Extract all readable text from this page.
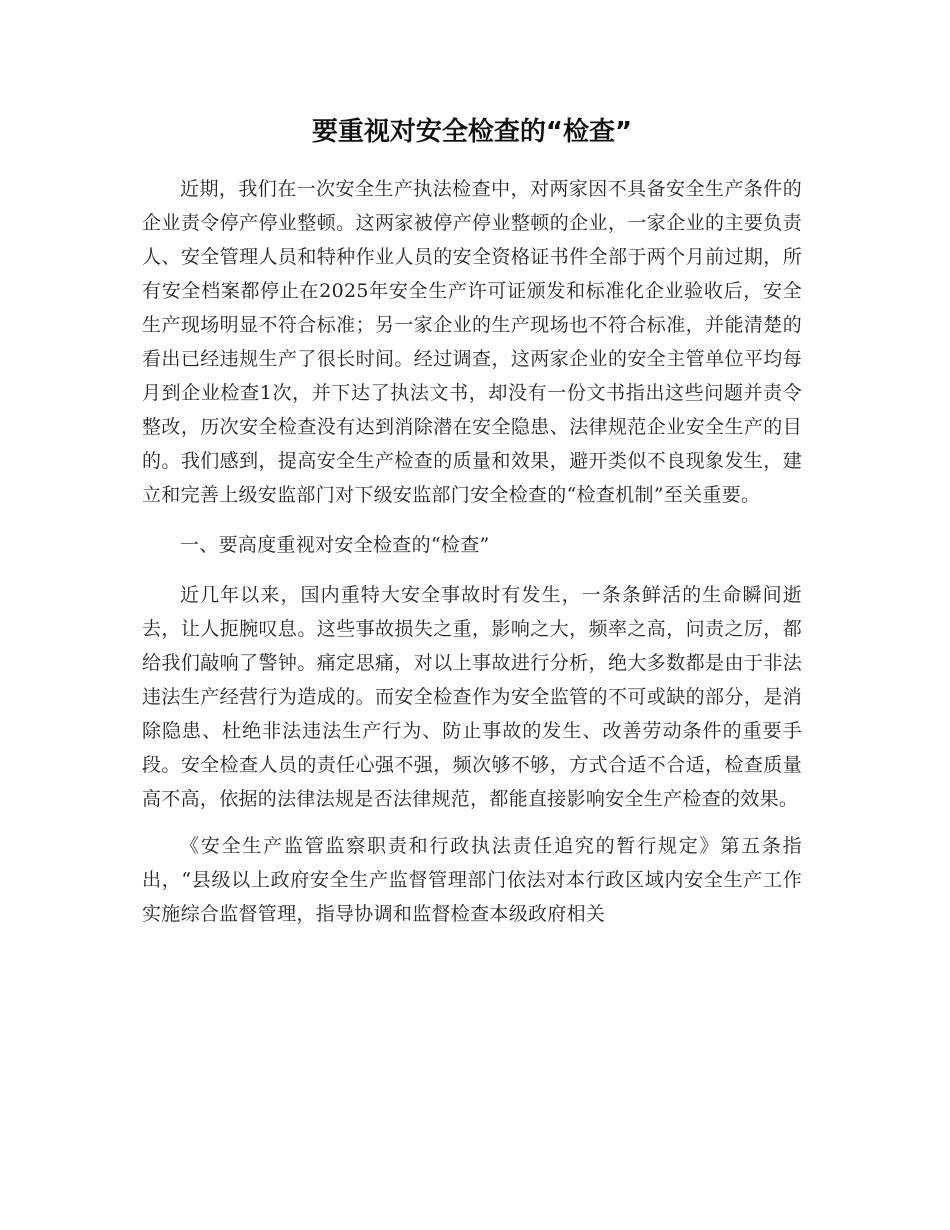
要重视对安全检查的“检查”

近期，我们在一次安全生产执法检查中，对两家因不具备安全生产条件的企业责令停产停业整顿。这两家被停产停业整顿的企业，一家企业的主要负责人、安全管理人员和特种作业人员的安全资格证书件全部于两个月前过期，所有安全档案都停止在2025年安全生产许可证颁发和标准化企业验收后，安全生产现场明显不符合标准；另一家企业的生产现场也不符合标准，并能清楚的看出已经违规生产了很长时间。经过调查，这两家企业的安全主管单位平均每月到企业检查1次，并下达了执法文书，却没有一份文书指出这些问题并责令整改，历次安全检查没有达到消除潜在安全隐患、法律规范企业安全生产的目的。我们感到，提高安全生产检查的质量和效果，避开类似不良现象发生，建立和完善上级安监部门对下级安监部门安全检查的“检查机制”至关重要。

一、要高度重视对安全检查的“检查”

近几年以来，国内重特大安全事故时有发生，一条条鲜活的生命瞬间逝去，让人扼腕叹息。这些事故损失之重，影响之大，频率之高，问责之厉，都给我们敲响了警钟。痛定思痛，对以上事故进行分析，绝大多数都是由于非法违法生产经营行为造成的。而安全检查作为安全监管的不可或缺的部分，是消除隐患、杜绝非法违法生产行为、防止事故的发生、改善劳动条件的重要手段。安全检查人员的责任心强不强，频次够不够，方式合适不合适，检查质量高不高，依据的法律法规是否法律规范，都能直接影响安全生产检查的效果。

《安全生产监管监察职责和行政执法责任追究的暂行规定》第五条指出，“县级以上政府安全生产监督管理部门依法对本行政区域内安全生产工作实施综合监督管理，指导协调和监督检查本级政府相关
